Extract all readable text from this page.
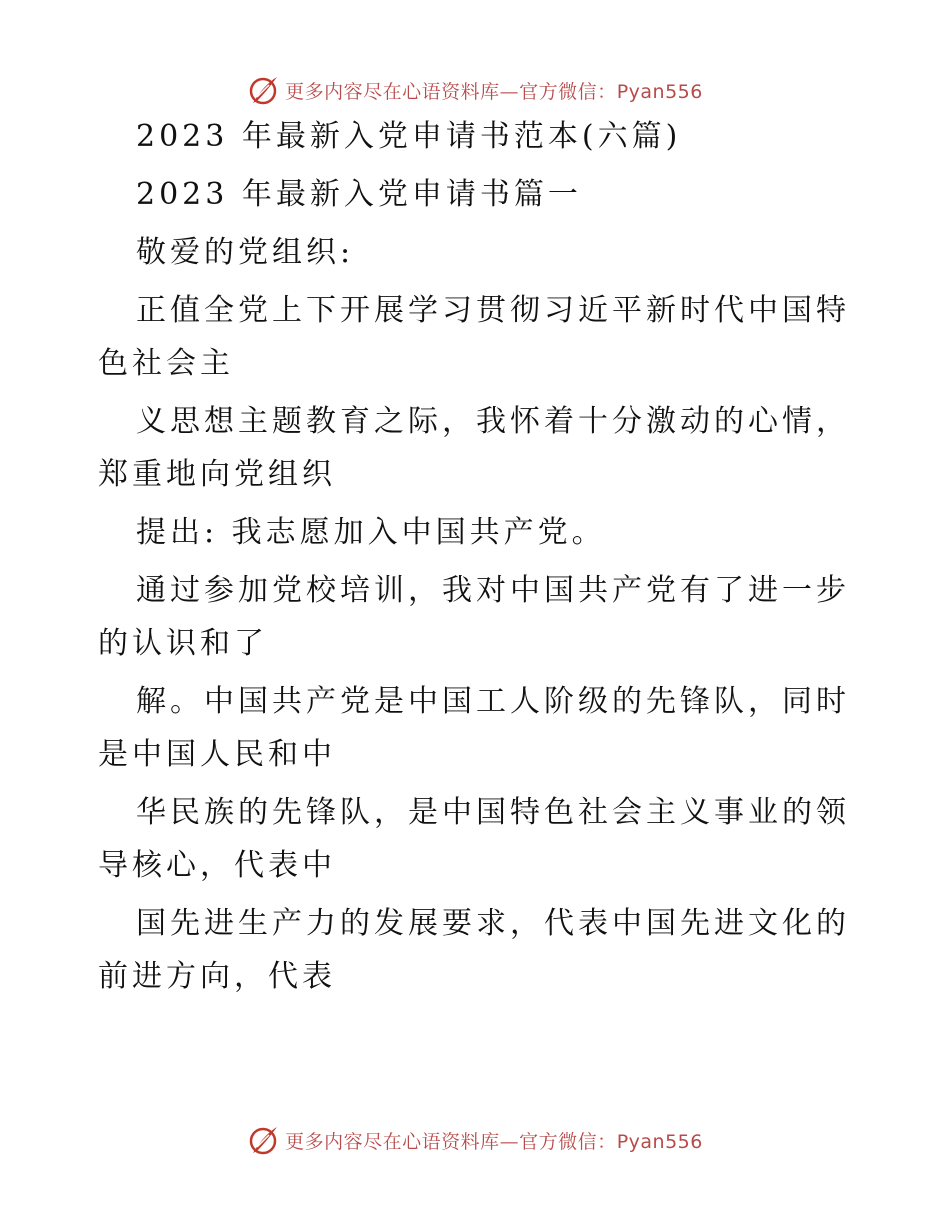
更多内容尽在心语资料库—官方微信：Pyan556

2023 年最新入党申请书范本(六篇)

2023 年最新入党申请书篇一

敬爱的党组织:

正值全党上下开展学习贯彻习近平新时代中国特

色社会主

义思想主题教育之际，我怀着十分激动的心情，

郑重地向党组织

提出: 我志愿加入中国共产党。

通过参加党校培训，我对中国共产党有了进一步

的认识和了

解。中国共产党是中国工人阶级的先锋队，同时

是中国人民和中

华民族的先锋队，是中国特色社会主义事业的领

导核心，代表中

国先进生产力的发展要求，代表中国先进文化的

前进方向，代表

更多内容尽在心语资料库—官方微信：Pyan556
